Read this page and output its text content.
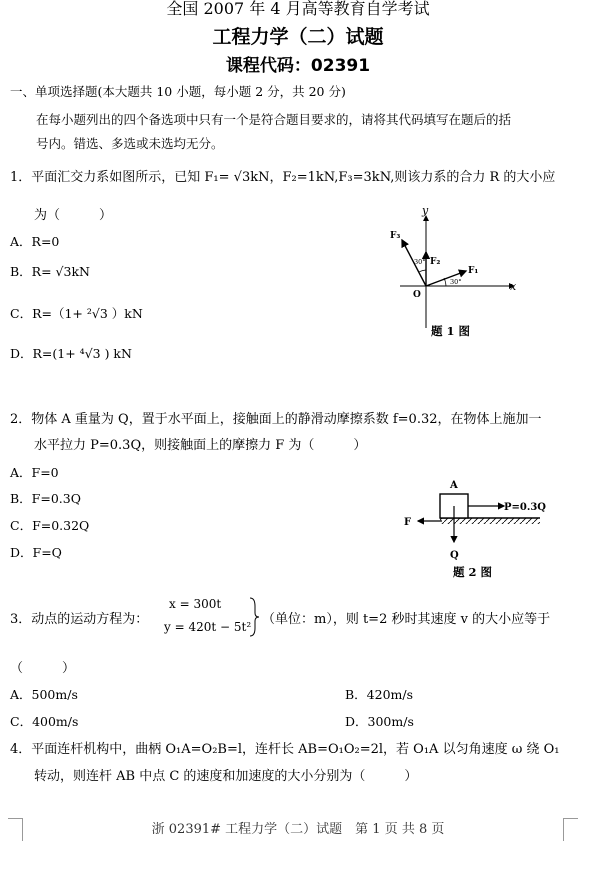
全国 2007 年 4 月高等教育自学考试
工程力学（二）试题
课程代码：02391
一、单项选择题(本大题共 10 小题，每小题 2 分，共 20 分)
在每小题列出的四个备选项中只有一个是符合题目要求的，请将其代码填写在题后的括
号内。错选、多选或未选均无分。
1．平面汇交力系如图所示，已知 F₁= √3kN，F₂=1kN,F₃=3kN,则该力系的合力 R 的大小应
为（　　　）
A．R=0
B．R= √3kN
C．R=（1+ ²√3 ）kN
D．R=(1+ ⁴√3 ) kN
y
x
O
F₁
F₂
F₃
30°
30°
题 1 图
2．物体 A 重量为 Q，置于水平面上，接触面上的静滑动摩擦系数 f=0.32，在物体上施加一
水平拉力 P=0.3Q，则接触面上的摩擦力 F 为（　　　）
A．F=0
B．F=0.3Q
C．F=0.32Q
D．F=Q
A
P=0.3Q
F
Q
题 2 图
3．动点的运动方程为：
x = 300t
y = 420t − 5t² （单位：m），则 t=2 秒时其速度 v 的大小应等于
（　　　）
A．500m/s	B．420m/s
C．400m/s	D．300m/s
4．平面连杆机构中，曲柄 O₁A=O₂B=l，连杆长 AB=O₁O₂=2l，若 O₁A 以匀角速度 ω 绕 O₁
转动，则连杆 AB 中点 C 的速度和加速度的大小分别为（　　　）
浙 02391# 工程力学（二）试题　第 1 页 共 8 页
